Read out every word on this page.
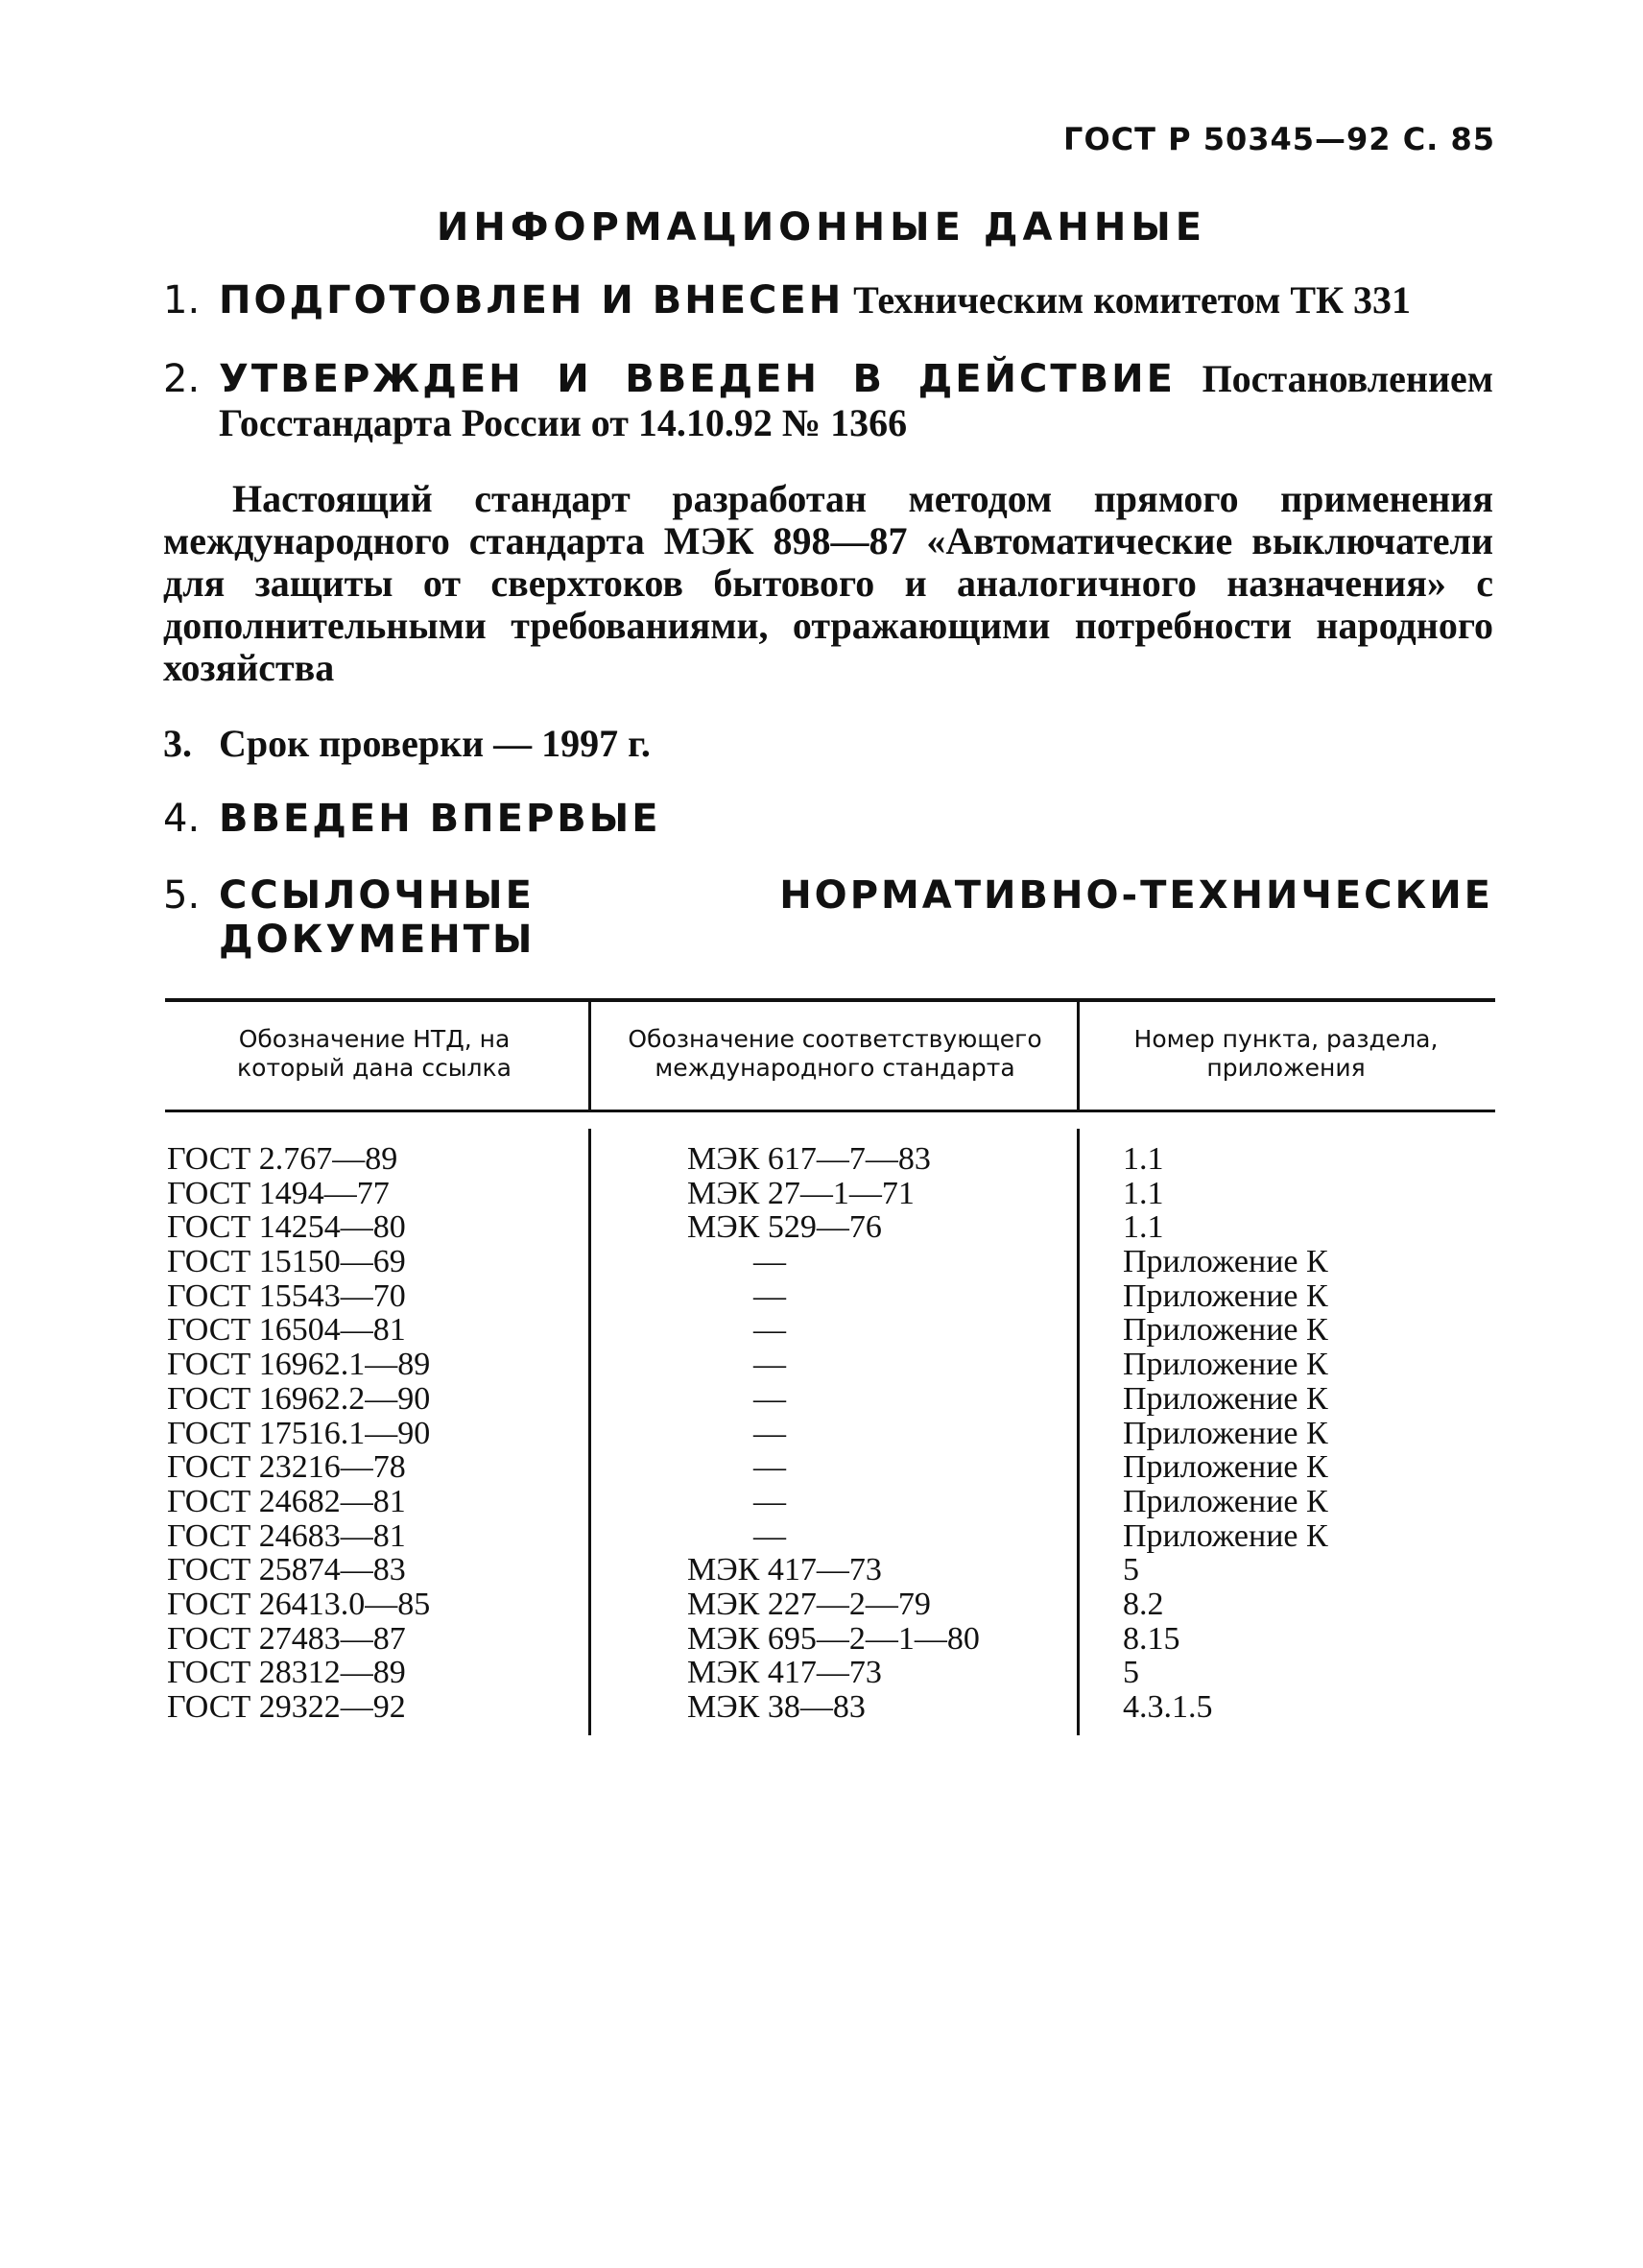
ГОСТ Р 50345—92 С. 85
ИНФОРМАЦИОННЫЕ ДАННЫЕ
1. ПОДГОТОВЛЕН И ВНЕСЕН Техническим комитетом ТК 331
2. УТВЕРЖДЕН И ВВЕДЕН В ДЕЙСТВИЕ Постановлением Госстандарта России от 14.10.92 № 1366
Настоящий стандарт разработан методом прямого применения международного стандарта МЭК 898—87 «Автоматические выключатели для защиты от сверхтоков бытового и аналогичного назначения» с дополнительными требованиями, отражающими потребности народного хозяйства
3. Срок проверки — 1997 г.
4. ВВЕДЕН ВПЕРВЫЕ
5. ССЫЛОЧНЫЕ НОРМАТИВНО-ТЕХНИЧЕСКИЕ ДОКУМЕНТЫ
Обозначение НТД, на который дана ссылка
Обозначение соответствующего международного стандарта
Номер пункта, раздела, приложения
ГОСТ 2.767—89
ГОСТ 1494—77
ГОСТ 14254—80
ГОСТ 15150—69
ГОСТ 15543—70
ГОСТ 16504—81
ГОСТ 16962.1—89
ГОСТ 16962.2—90
ГОСТ 17516.1—90
ГОСТ 23216—78
ГОСТ 24682—81
ГОСТ 24683—81
ГОСТ 25874—83
ГОСТ 26413.0—85
ГОСТ 27483—87
ГОСТ 28312—89
ГОСТ 29322—92
МЭК 617—7—83
МЭК 27—1—71
МЭК 529—76
—
—
—
—
—
—
—
—
—
МЭК 417—73
МЭК 227—2—79
МЭК 695—2—1—80
МЭК 417—73
МЭК 38—83
1.1
1.1
1.1
Приложение К
Приложение К
Приложение К
Приложение К
Приложение К
Приложение К
Приложение К
Приложение К
Приложение К
5
8.2
8.15
5
4.3.1.5
